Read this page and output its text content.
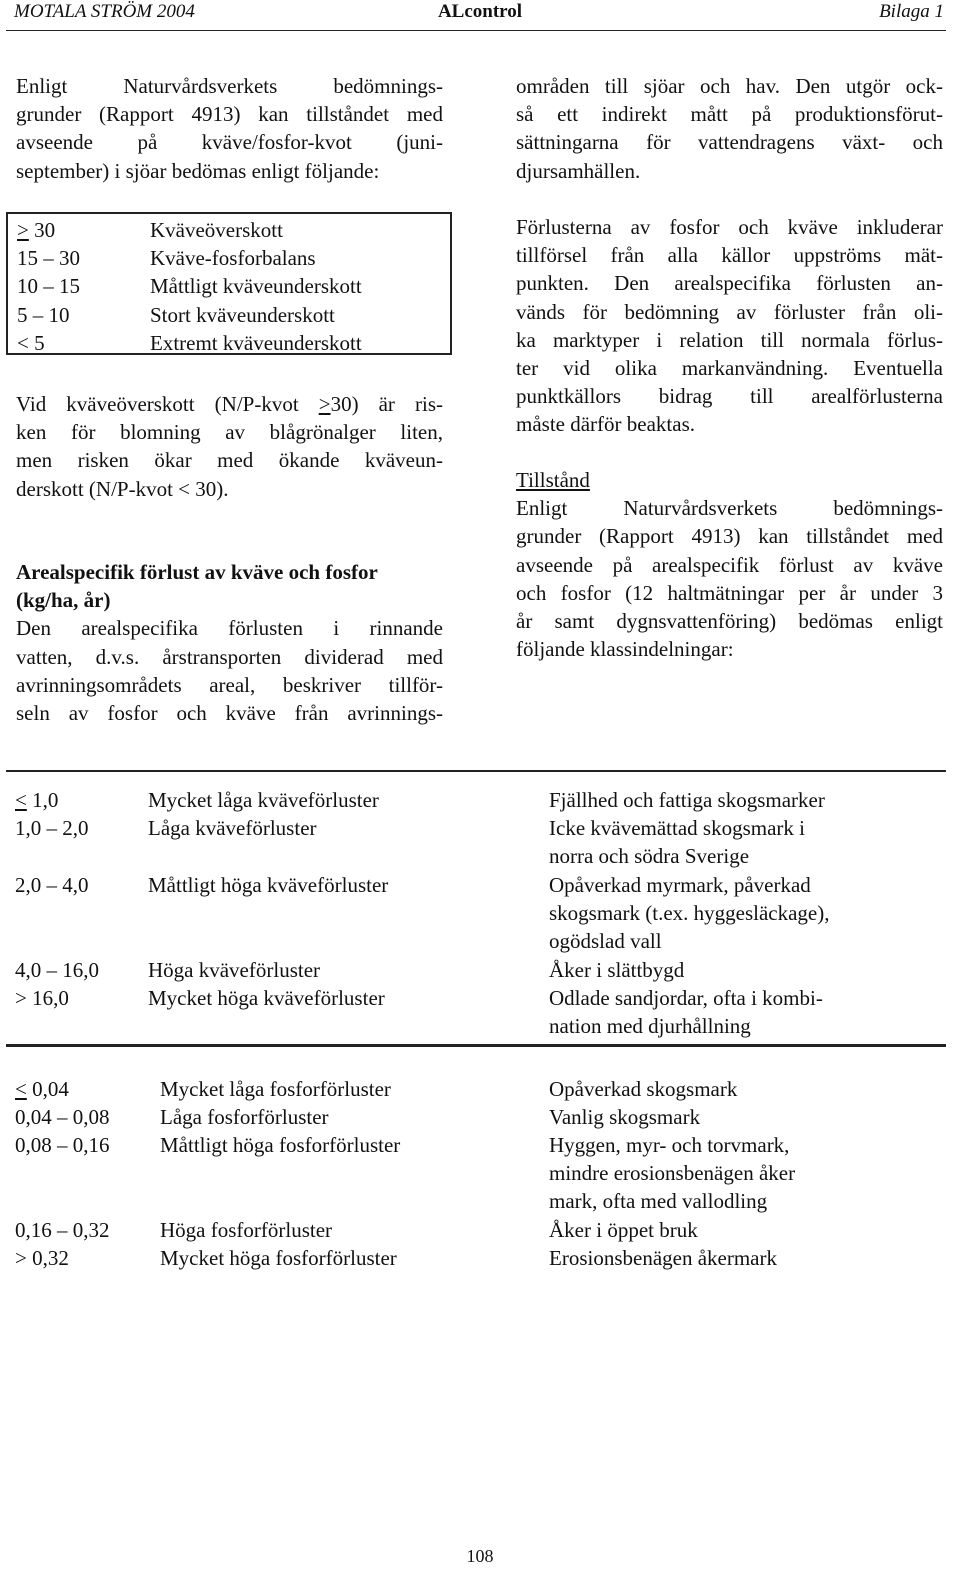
MOTALA STRÖM 2004	ALcontrol	Bilaga 1
Enligt Naturvårdsverkets bedömnings-
grunder (Rapport 4913) kan tillståndet med
avseende på kväve/fosfor-kvot (juni-
september) i sjöar bedömas enligt följande:
> 30	Kväveöverskott
15 – 30	Kväve-fosforbalans
10 – 15	Måttligt kväveunderskott
5 – 10	Stort kväveunderskott
< 5	Extremt kväveunderskott
Vid kväveöverskott (N/P-kvot >30) är ris-
ken för blomning av blågrönalger liten,
men risken ökar med ökande kväveun-
derskott (N/P-kvot < 30).
Arealspecifik förlust av kväve och fosfor
(kg/ha, år)
Den arealspecifika förlusten i rinnande
vatten, d.v.s. årstransporten dividerad med
avrinningsområdets areal, beskriver tillför-
seln av fosfor och kväve från avrinnings-
områden till sjöar och hav. Den utgör ock-
så ett indirekt mått på produktionsförut-
sättningarna för vattendragens växt- och
djursamhällen.
Förlusterna av fosfor och kväve inkluderar
tillförsel från alla källor uppströms mät-
punkten. Den arealspecifika förlusten an-
vänds för bedömning av förluster från oli-
ka marktyper i relation till normala förlus-
ter vid olika markanvändning. Eventuella
punktkällors bidrag till arealförlusterna
måste därför beaktas.
Tillstånd
Enligt Naturvårdsverkets bedömnings-
grunder (Rapport 4913) kan tillståndet med
avseende på arealspecifik förlust av kväve
och fosfor (12 haltmätningar per år under 3
år samt dygnsvattenföring) bedömas enligt
följande klassindelningar:
< 1,0	Mycket låga kväveförluster	Fjällhed och fattiga skogsmarker
1,0 – 2,0	Låga kväveförluster	Icke kvävemättad skogsmark i
norra och södra Sverige
2,0 – 4,0	Måttligt höga kväveförluster	Opåverkad myrmark, påverkad
skogsmark (t.ex. hyggesläckage),
ogödslad vall
4,0 – 16,0 Höga kväveförluster	Åker i slättbygd
> 16,0	Mycket höga kväveförluster	Odlade sandjordar, ofta i kombi-
nation med djurhållning
< 0,04	Mycket låga fosforförluster	Opåverkad skogsmark
0,04 – 0,08 Låga fosforförluster	Vanlig skogsmark
0,08 – 0,16 Måttligt höga fosforförluster	Hyggen, myr- och torvmark,
mindre erosionsbenägen åker
mark, ofta med vallodling
0,16 – 0,32 Höga fosforförluster	Åker i öppet bruk
> 0,32	Mycket höga fosforförluster	Erosionsbenägen åkermark
108
